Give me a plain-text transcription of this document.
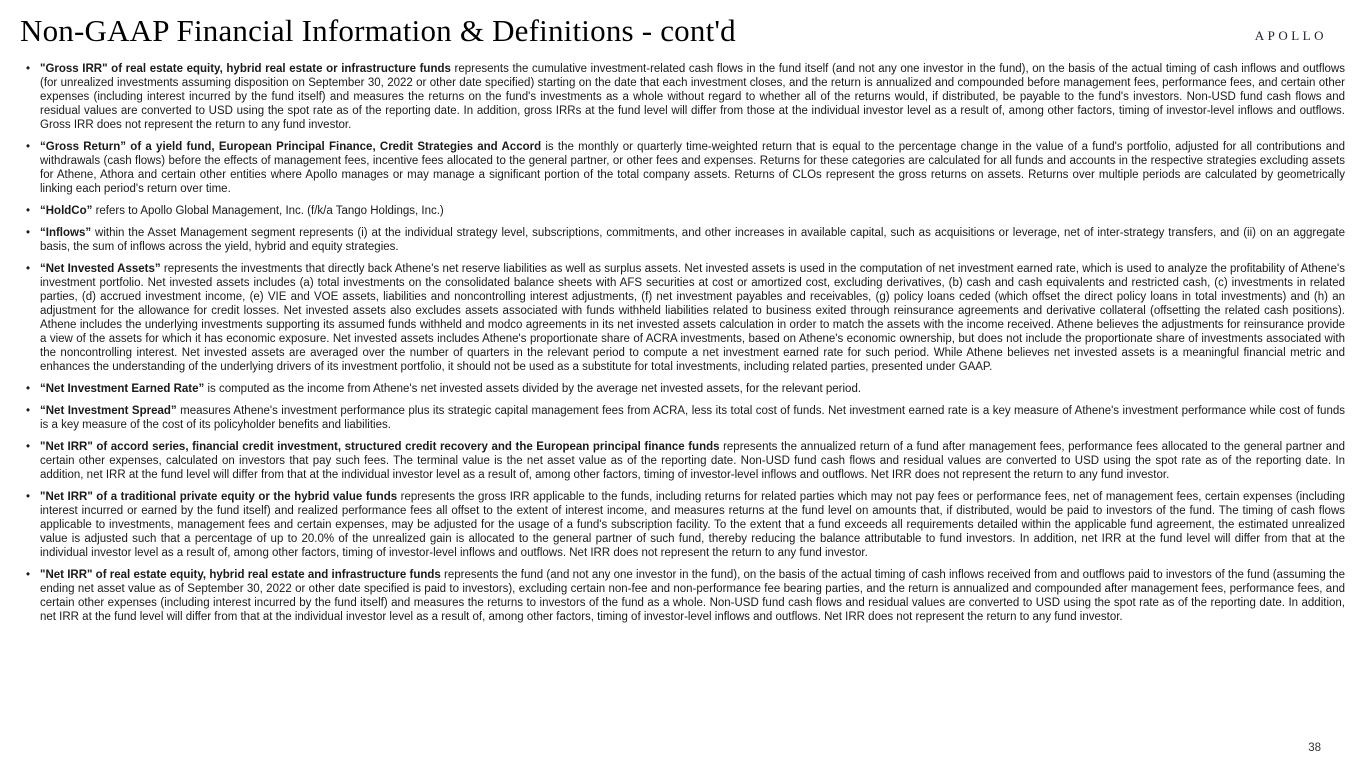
Non-GAAP Financial Information & Definitions - cont'd	APOLLO
• "Gross IRR" of real estate equity, hybrid real estate or infrastructure funds represents the cumulative investment-related cash flows in the fund itself (and not any one investor in the fund), on the basis of the actual timing of cash inflows and outflows (for unrealized investments assuming disposition on September 30, 2022 or other date specified) starting on the date that each investment closes, and the return is annualized and compounded before management fees, performance fees, and certain other expenses (including interest incurred by the fund itself) and measures the returns on the fund's investments as a whole without regard to whether all of the returns would, if distributed, be payable to the fund's investors. Non-USD fund cash flows and residual values are converted to USD using the spot rate as of the reporting date. In addition, gross IRRs at the fund level will differ from those at the individual investor level as a result of, among other factors, timing of investor-level inflows and outflows. Gross IRR does not represent the return to any fund investor.

• “Gross Return” of a yield fund, European Principal Finance, Credit Strategies and Accord is the monthly or quarterly time-weighted return that is equal to the percentage change in the value of a fund's portfolio, adjusted for all contributions and withdrawals (cash flows) before the effects of management fees, incentive fees allocated to the general partner, or other fees and expenses. Returns for these categories are calculated for all funds and accounts in the respective strategies excluding assets for Athene, Athora and certain other entities where Apollo manages or may manage a significant portion of the total company assets. Returns of CLOs represent the gross returns on assets. Returns over multiple periods are calculated by geometrically linking each period's return over time.

• “HoldCo” refers to Apollo Global Management, Inc. (f/k/a Tango Holdings, Inc.)

• “Inflows” within the Asset Management segment represents (i) at the individual strategy level, subscriptions, commitments, and other increases in available capital, such as acquisitions or leverage, net of inter-strategy transfers, and (ii) on an aggregate basis, the sum of inflows across the yield, hybrid and equity strategies.

• “Net Invested Assets” represents the investments that directly back Athene's net reserve liabilities as well as surplus assets. Net invested assets is used in the computation of net investment earned rate, which is used to analyze the profitability of Athene's investment portfolio. Net invested assets includes (a) total investments on the consolidated balance sheets with AFS securities at cost or amortized cost, excluding derivatives, (b) cash and cash equivalents and restricted cash, (c) investments in related parties, (d) accrued investment income, (e) VIE and VOE assets, liabilities and noncontrolling interest adjustments, (f) net investment payables and receivables, (g) policy loans ceded (which offset the direct policy loans in total investments) and (h) an adjustment for the allowance for credit losses. Net invested assets also excludes assets associated with funds withheld liabilities related to business exited through reinsurance agreements and derivative collateral (offsetting the related cash positions). Athene includes the underlying investments supporting its assumed funds withheld and modco agreements in its net invested assets calculation in order to match the assets with the income received. Athene believes the adjustments for reinsurance provide a view of the assets for which it has economic exposure. Net invested assets includes Athene's proportionate share of ACRA investments, based on Athene's economic ownership, but does not include the proportionate share of investments associated with the noncontrolling interest. Net invested assets are averaged over the number of quarters in the relevant period to compute a net investment earned rate for such period. While Athene believes net invested assets is a meaningful financial metric and enhances the understanding of the underlying drivers of its investment portfolio, it should not be used as a substitute for total investments, including related parties, presented under GAAP.

• “Net Investment Earned Rate” is computed as the income from Athene's net invested assets divided by the average net invested assets, for the relevant period.

• “Net Investment Spread” measures Athene's investment performance plus its strategic capital management fees from ACRA, less its total cost of funds. Net investment earned rate is a key measure of Athene's investment performance while cost of funds is a key measure of the cost of its policyholder benefits and liabilities.

• "Net IRR" of accord series, financial credit investment, structured credit recovery and the European principal finance funds represents the annualized return of a fund after management fees, performance fees allocated to the general partner and certain other expenses, calculated on investors that pay such fees. The terminal value is the net asset value as of the reporting date. Non-USD fund cash flows and residual values are converted to USD using the spot rate as of the reporting date. In addition, net IRR at the fund level will differ from that at the individual investor level as a result of, among other factors, timing of investor-level inflows and outflows. Net IRR does not represent the return to any fund investor.

• "Net IRR" of a traditional private equity or the hybrid value funds represents the gross IRR applicable to the funds, including returns for related parties which may not pay fees or performance fees, net of management fees, certain expenses (including interest incurred or earned by the fund itself) and realized performance fees all offset to the extent of interest income, and measures returns at the fund level on amounts that, if distributed, would be paid to investors of the fund. The timing of cash flows applicable to investments, management fees and certain expenses, may be adjusted for the usage of a fund's subscription facility. To the extent that a fund exceeds all requirements detailed within the applicable fund agreement, the estimated unrealized value is adjusted such that a percentage of up to 20.0% of the unrealized gain is allocated to the general partner of such fund, thereby reducing the balance attributable to fund investors. In addition, net IRR at the fund level will differ from that at the individual investor level as a result of, among other factors, timing of investor-level inflows and outflows. Net IRR does not represent the return to any fund investor.

• "Net IRR" of real estate equity, hybrid real estate and infrastructure funds represents the fund (and not any one investor in the fund), on the basis of the actual timing of cash inflows received from and outflows paid to investors of the fund (assuming the ending net asset value as of September 30, 2022 or other date specified is paid to investors), excluding certain non-fee and non-performance fee bearing parties, and the return is annualized and compounded after management fees, performance fees, and certain other expenses (including interest incurred by the fund itself) and measures the returns to investors of the fund as a whole. Non-USD fund cash flows and residual values are converted to USD using the spot rate as of the reporting date. In addition, net IRR at the fund level will differ from that at the individual investor level as a result of, among other factors, timing of investor-level inflows and outflows. Net IRR does not represent the return to any fund investor.

38
